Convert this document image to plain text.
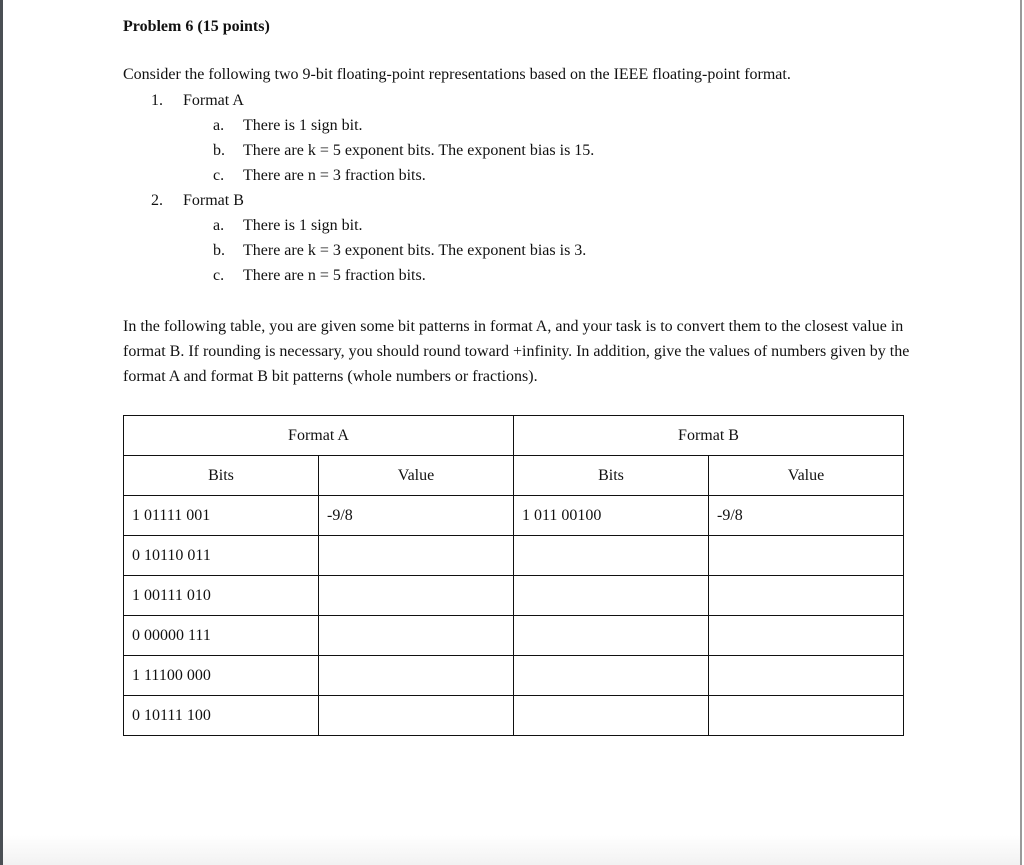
Problem 6 (15 points)
Consider the following two 9-bit floating-point representations based on the IEEE floating-point format.
1. Format A
a. There is 1 sign bit.
b. There are k = 5 exponent bits. The exponent bias is 15.
c. There are n = 3 fraction bits.
2. Format B
a. There is 1 sign bit.
b. There are k = 3 exponent bits. The exponent bias is 3.
c. There are n = 5 fraction bits.
In the following table, you are given some bit patterns in format A, and your task is to convert them to the closest value in format B. If rounding is necessary, you should round toward +infinity. In addition, give the values of numbers given by the format A and format B bit patterns (whole numbers or fractions).
Format A		Format B	
Bits	Value	Bits	Value
1 01111 001	-9/8	1 011 00100	-9/8
0 10110 011			
1 00111 010			
0 00000 111			
1 11100 000			
0 10111 100			
